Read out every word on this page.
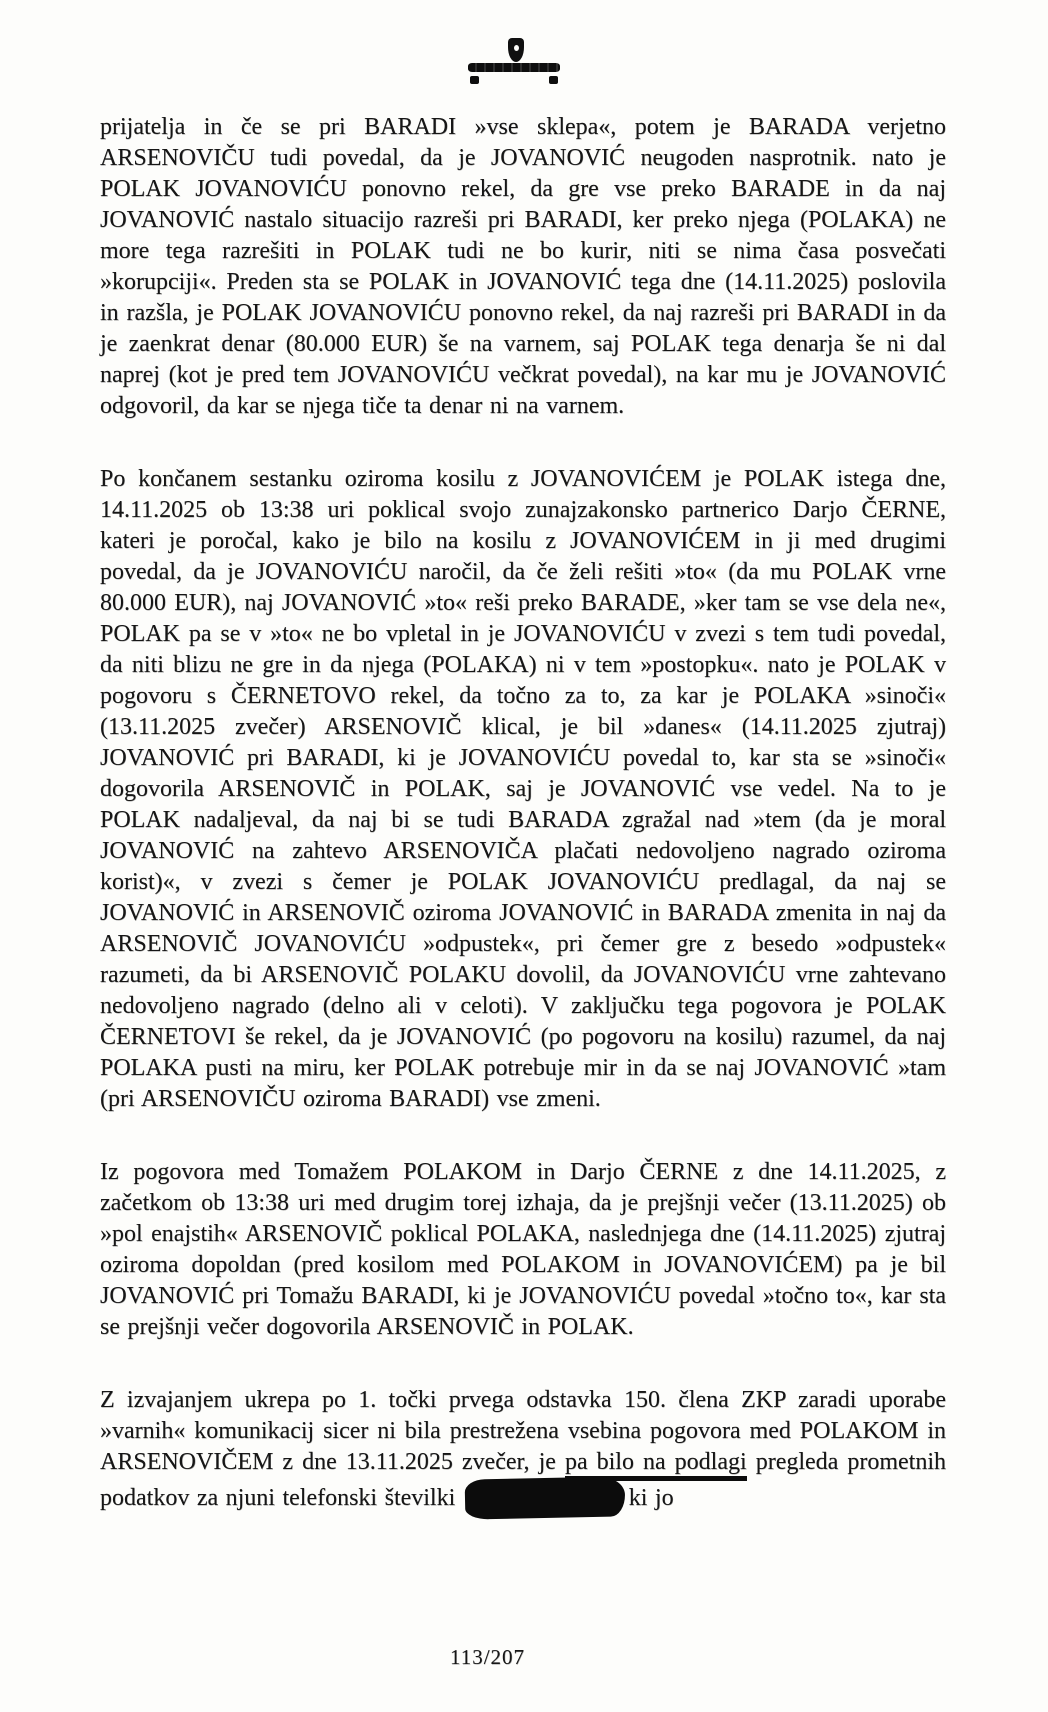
prijatelja in če se pri BARADI »vse sklepa«, potem je BARADA verjetno ARSENOVIČU tudi povedal, da je JOVANOVIĆ neugoden nasprotnik. nato je POLAK JOVANOVIĆU ponovno rekel, da gre vse preko BARADE in da naj JOVANOVIĆ nastalo situacijo razreši pri BARADI, ker preko njega (POLAKA) ne more tega razrešiti in POLAK tudi ne bo kurir, niti se nima časa posvečati »korupciji«. Preden sta se POLAK in JOVANOVIĆ tega dne (14.11.2025) poslovila in razšla, je POLAK JOVANOVIĆU ponovno rekel, da naj razreši pri BARADI in da je zaenkrat denar (80.000 EUR) še na varnem, saj POLAK tega denarja še ni dal naprej (kot je pred tem JOVANOVIĆU večkrat povedal), na kar mu je JOVANOVIĆ odgovoril, da kar se njega tiče ta denar ni na varnem.

Po končanem sestanku oziroma kosilu z JOVANOVIĆEM je POLAK istega dne, 14.11.2025 ob 13:38 uri poklical svojo zunajzakonsko partnerico Darjo ČERNE, kateri je poročal, kako je bilo na kosilu z JOVANOVIĆEM in ji med drugimi povedal, da je JOVANOVIĆU naročil, da če želi rešiti »to« (da mu POLAK vrne 80.000 EUR), naj JOVANOVIĆ »to« reši preko BARADE, »ker tam se vse dela ne«, POLAK pa se v »to« ne bo vpletal in je JOVANOVIĆU v zvezi s tem tudi povedal, da niti blizu ne gre in da njega (POLAKA) ni v tem »postopku«. nato je POLAK v pogovoru s ČERNETOVO rekel, da točno za to, za kar je POLAKA »sinoči« (13.11.2025 zvečer) ARSENOVIČ klical, je bil »danes« (14.11.2025 zjutraj) JOVANOVIĆ pri BARADI, ki je JOVANOVIĆU povedal to, kar sta se »sinoči« dogovorila ARSENOVIČ in POLAK, saj je JOVANOVIĆ vse vedel. Na to je POLAK nadaljeval, da naj bi se tudi BARADA zgražal nad »tem (da je moral JOVANOVIĆ na zahtevo ARSENOVIČA plačati nedovoljeno nagrado oziroma korist)«, v zvezi s čemer je POLAK JOVANOVIĆU predlagal, da naj se JOVANOVIĆ in ARSENOVIČ oziroma JOVANOVIĆ in BARADA zmenita in naj da ARSENOVIČ JOVANOVIĆU »odpustek«, pri čemer gre z besedo »odpustek« razumeti, da bi ARSENOVIČ POLAKU dovolil, da JOVANOVIĆU vrne zahtevano nedovoljeno nagrado (delno ali v celoti). V zaključku tega pogovora je POLAK ČERNETOVI še rekel, da je JOVANOVIĆ (po pogovoru na kosilu) razumel, da naj POLAKA pusti na miru, ker POLAK potrebuje mir in da se naj JOVANOVIĆ »tam (pri ARSENOVIČU oziroma BARADI) vse zmeni.

Iz pogovora med Tomažem POLAKOM in Darjo ČERNE z dne 14.11.2025, z začetkom ob 13:38 uri med drugim torej izhaja, da je prejšnji večer (13.11.2025) ob »pol enajstih« ARSENOVIČ poklical POLAKA, naslednjega dne (14.11.2025) zjutraj oziroma dopoldan (pred kosilom med POLAKOM in JOVANOVIĆEM) pa je bil JOVANOVIĆ pri Tomažu BARADI, ki je JOVANOVIĆU povedal »točno to«, kar sta se prejšnji večer dogovorila ARSENOVIČ in POLAK.

Z izvajanjem ukrepa po 1. točki prvega odstavka 150. člena ZKP zaradi uporabe »varnih« komunikacij sicer ni bila prestrežena vsebina pogovora med POLAKOM in ARSENOVIČEM z dne 13.11.2025 zvečer, je pa bilo na podlagi pregleda prometnih podatkov za njuni telefonski številki	ki jo

113/207
